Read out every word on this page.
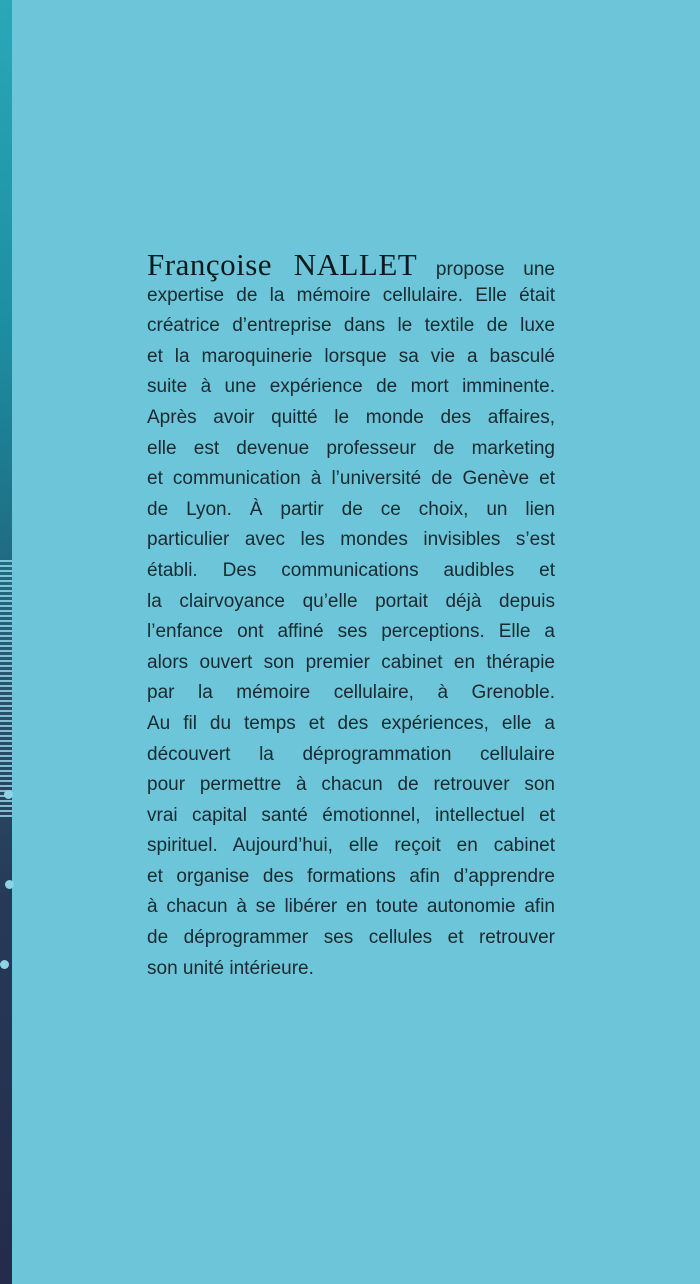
Françoise NALLET propose une
expertise de la mémoire cellulaire. Elle était
créatrice d’entreprise dans le textile de luxe
et la maroquinerie lorsque sa vie a basculé
suite à une expérience de mort imminente.
Après avoir quitté le monde des affaires,
elle est devenue professeur de marketing
et communication à l’université de Genève et
de Lyon. À partir de ce choix, un lien
particulier avec les mondes invisibles s’est
établi. Des communications audibles et
la clairvoyance qu’elle portait déjà depuis
l’enfance ont affiné ses perceptions. Elle a
alors ouvert son premier cabinet en thérapie
par la mémoire cellulaire, à Grenoble.
Au fil du temps et des expériences, elle a
découvert la déprogrammation cellulaire
pour permettre à chacun de retrouver son
vrai capital santé émotionnel, intellectuel et
spirituel. Aujourd’hui, elle reçoit en cabinet
et organise des formations afin d’apprendre
à chacun à se libérer en toute autonomie afin
de déprogrammer ses cellules et retrouver
son unité intérieure.
